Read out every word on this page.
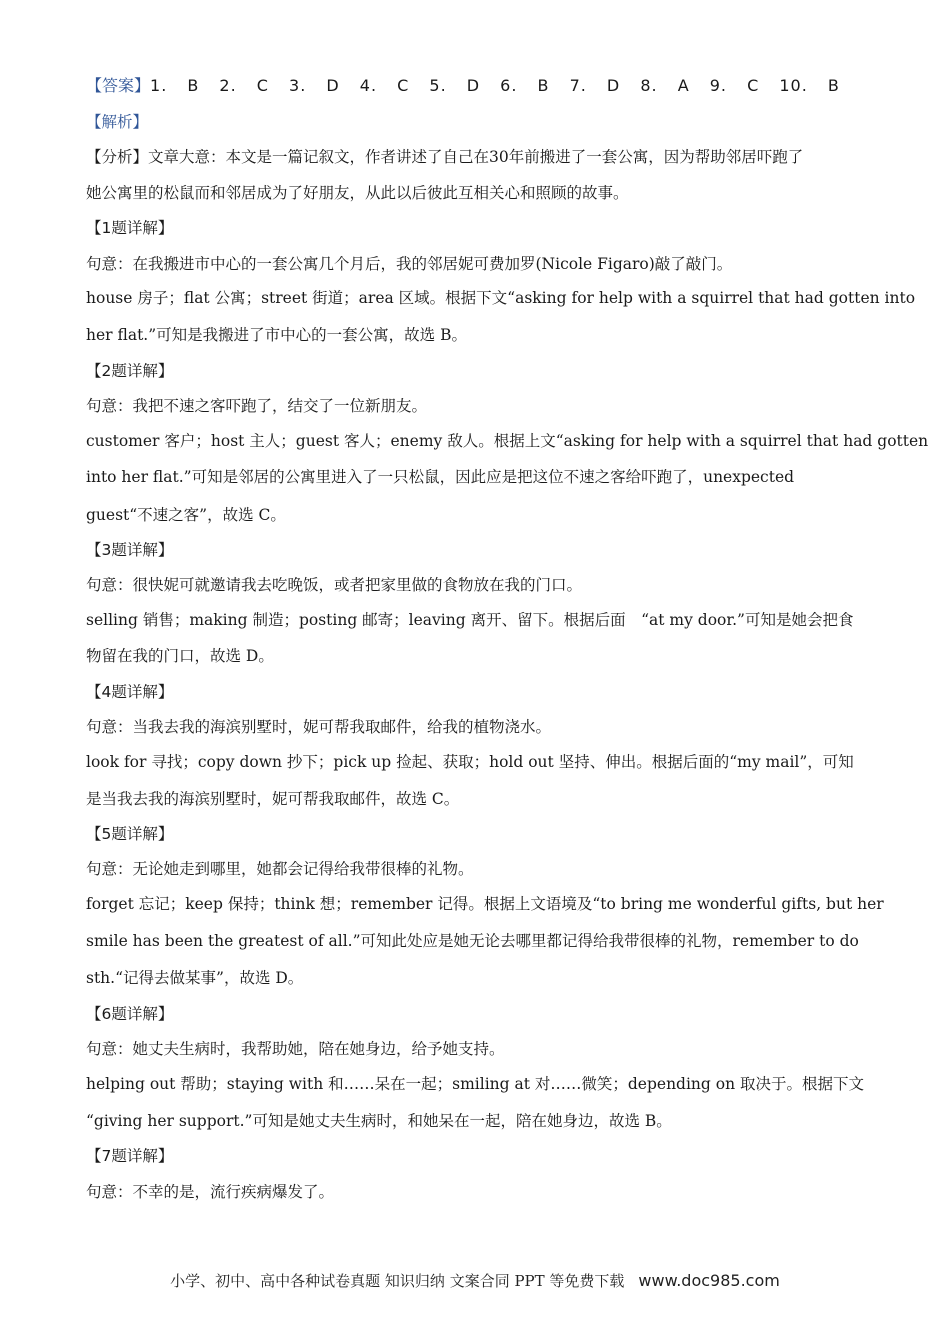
【答案】1. B 2. C 3. D 4. C 5. D 6. B 7. D 8. A 9. C 10. B
【解析】
【分析】文章大意：本文是一篇记叙文，作者讲述了自己在30年前搬进了一套公寓，因为帮助邻居吓跑了
她公寓里的松鼠而和邻居成为了好朋友，从此以后彼此互相关心和照顾的故事。
【1题详解】
句意：在我搬进市中心的一套公寓几个月后，我的邻居妮可费加罗(Nicole Figaro)敲了敲门。
house 房子；flat 公寓；street 街道；area 区域。根据下文“asking for help with a squirrel that had gotten into
her flat.”可知是我搬进了市中心的一套公寓，故选 B。
【2题详解】
句意：我把不速之客吓跑了，结交了一位新朋友。
customer 客户；host 主人；guest 客人；enemy 敌人。根据上文“asking for help with a squirrel that had gotten
into her flat.”可知是邻居的公寓里进入了一只松鼠，因此应是把这位不速之客给吓跑了，unexpected
guest“不速之客”，故选 C。
【3题详解】
句意：很快妮可就邀请我去吃晚饭，或者把家里做的食物放在我的门口。
selling 销售；making 制造；posting 邮寄；leaving 离开、留下。根据后面　“at my door.”可知是她会把食
物留在我的门口，故选 D。
【4题详解】
句意：当我去我的海滨别墅时，妮可帮我取邮件，给我的植物浇水。
look for 寻找；copy down 抄下；pick up 捡起、获取；hold out 坚持、伸出。根据后面的“my mail”，可知
是当我去我的海滨别墅时，妮可帮我取邮件，故选 C。
【5题详解】
句意：无论她走到哪里，她都会记得给我带很棒的礼物。
forget 忘记；keep 保持；think 想；remember 记得。根据上文语境及“to bring me wonderful gifts, but her
smile has been the greatest of all.”可知此处应是她无论去哪里都记得给我带很棒的礼物，remember to do
sth.“记得去做某事”，故选 D。
【6题详解】
句意：她丈夫生病时，我帮助她，陪在她身边，给予她支持。
helping out 帮助；staying with 和……呆在一起；smiling at 对……微笑；depending on 取决于。根据下文
“giving her support.”可知是她丈夫生病时，和她呆在一起，陪在她身边，故选 B。
【7题详解】
句意：不幸的是，流行疾病爆发了。
小学、初中、高中各种试卷真题 知识归纳 文案合同 PPT 等免费下载 www.doc985.com
